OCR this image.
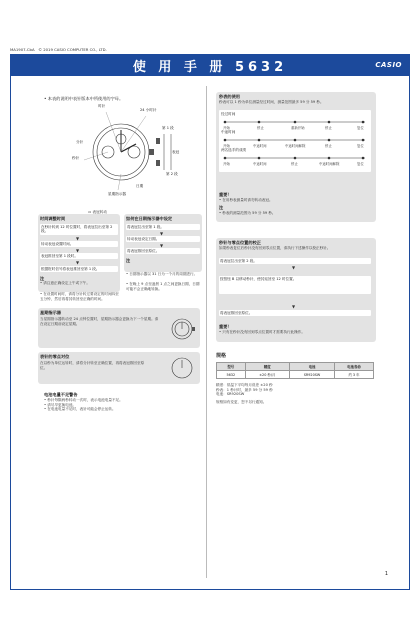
MA1907-CbA © 2019 CASIO COMPUTER CO., LTD.
使 用 手 册 5632	CASIO
• 本表的说明中表针版本中所使用的字母。
时针
24 小时针
第 1 段
第 2 段
表冠
秒针
分针
星期指示器
日期
▭ 表冠转动
时间调整时间
在秒针转到 12 时位置时，将表冠拉出至第 2 段。
▼
转动表冠设置时间。
▼
表冠推回至第 1 段时。
▼
根据报时信号将表冠推回至第 1 段。
注
• 请注意正确设定上午或下午。
• 在设置时间时，请将分针转过要设定的时间四至五分钟，然后再将其转回至正确的时间。
如何在日期指示器中设定
将表冠拉出至第 1 段。
▼
转动表冠设定日期。
▼
将表冠推回至原位。
注
• 日期指示器以 31 日为一个月的周期进行。
• 在晚上 9 点至凌晨 1 点之间更换日期，日期可能不会正确地转换。
星期指示器
当星期指示器转动至 24 点钟位置时，星期指示器会更换为下一个星期。请在设定日期前设定星期。
表针的零点对位
在以秒为单位运转时，请将分针转至正确位置，再将表冠推回至原位。
电池电量不足警告
• 秒针每隔两秒转动一次时，表示电池电量不足。
• 请尽早更换电池。
• 在电池电量不足时，表针可能会停止运转。
秒表的使用
秒表可以 1 秒为单位测量经过时间，测量范围最多 59 分 59 秒。
经过时间
开始	停止	重新开始	停止	复位
中途时间
开始	中途时间	中途时间解除	停止	复位
两名选手的成绩
开始	中途时间	停止	中途时间解除	复位
重要！
• 在用秒表测量时请勿转动表冠。
注
• 秒表的测量范围为 59 分 59 秒。
秒针与零点位置的校正
如果秒表复位后秒针没有回到零点位置，请执行下述操作以校正秒针。
将表冠拉出至第 2 段。
▼
按按钮 B 以移动秒针，使其返回至 12 时位置。
▼
将表冠推回至原位。
重要！
• 只有在秒针没有回到零点位置时才需要执行此操作。
规格
型号	精度	电池	电池寿命
5632	±20 秒/月	SR920SW	约 3 年
精度：常温下平均每月误差 ±20 秒
秒表：1 秒计时，最多 59 分 59 秒
电池：SR920SW
规格如有变更，恕不另行通知。
1
